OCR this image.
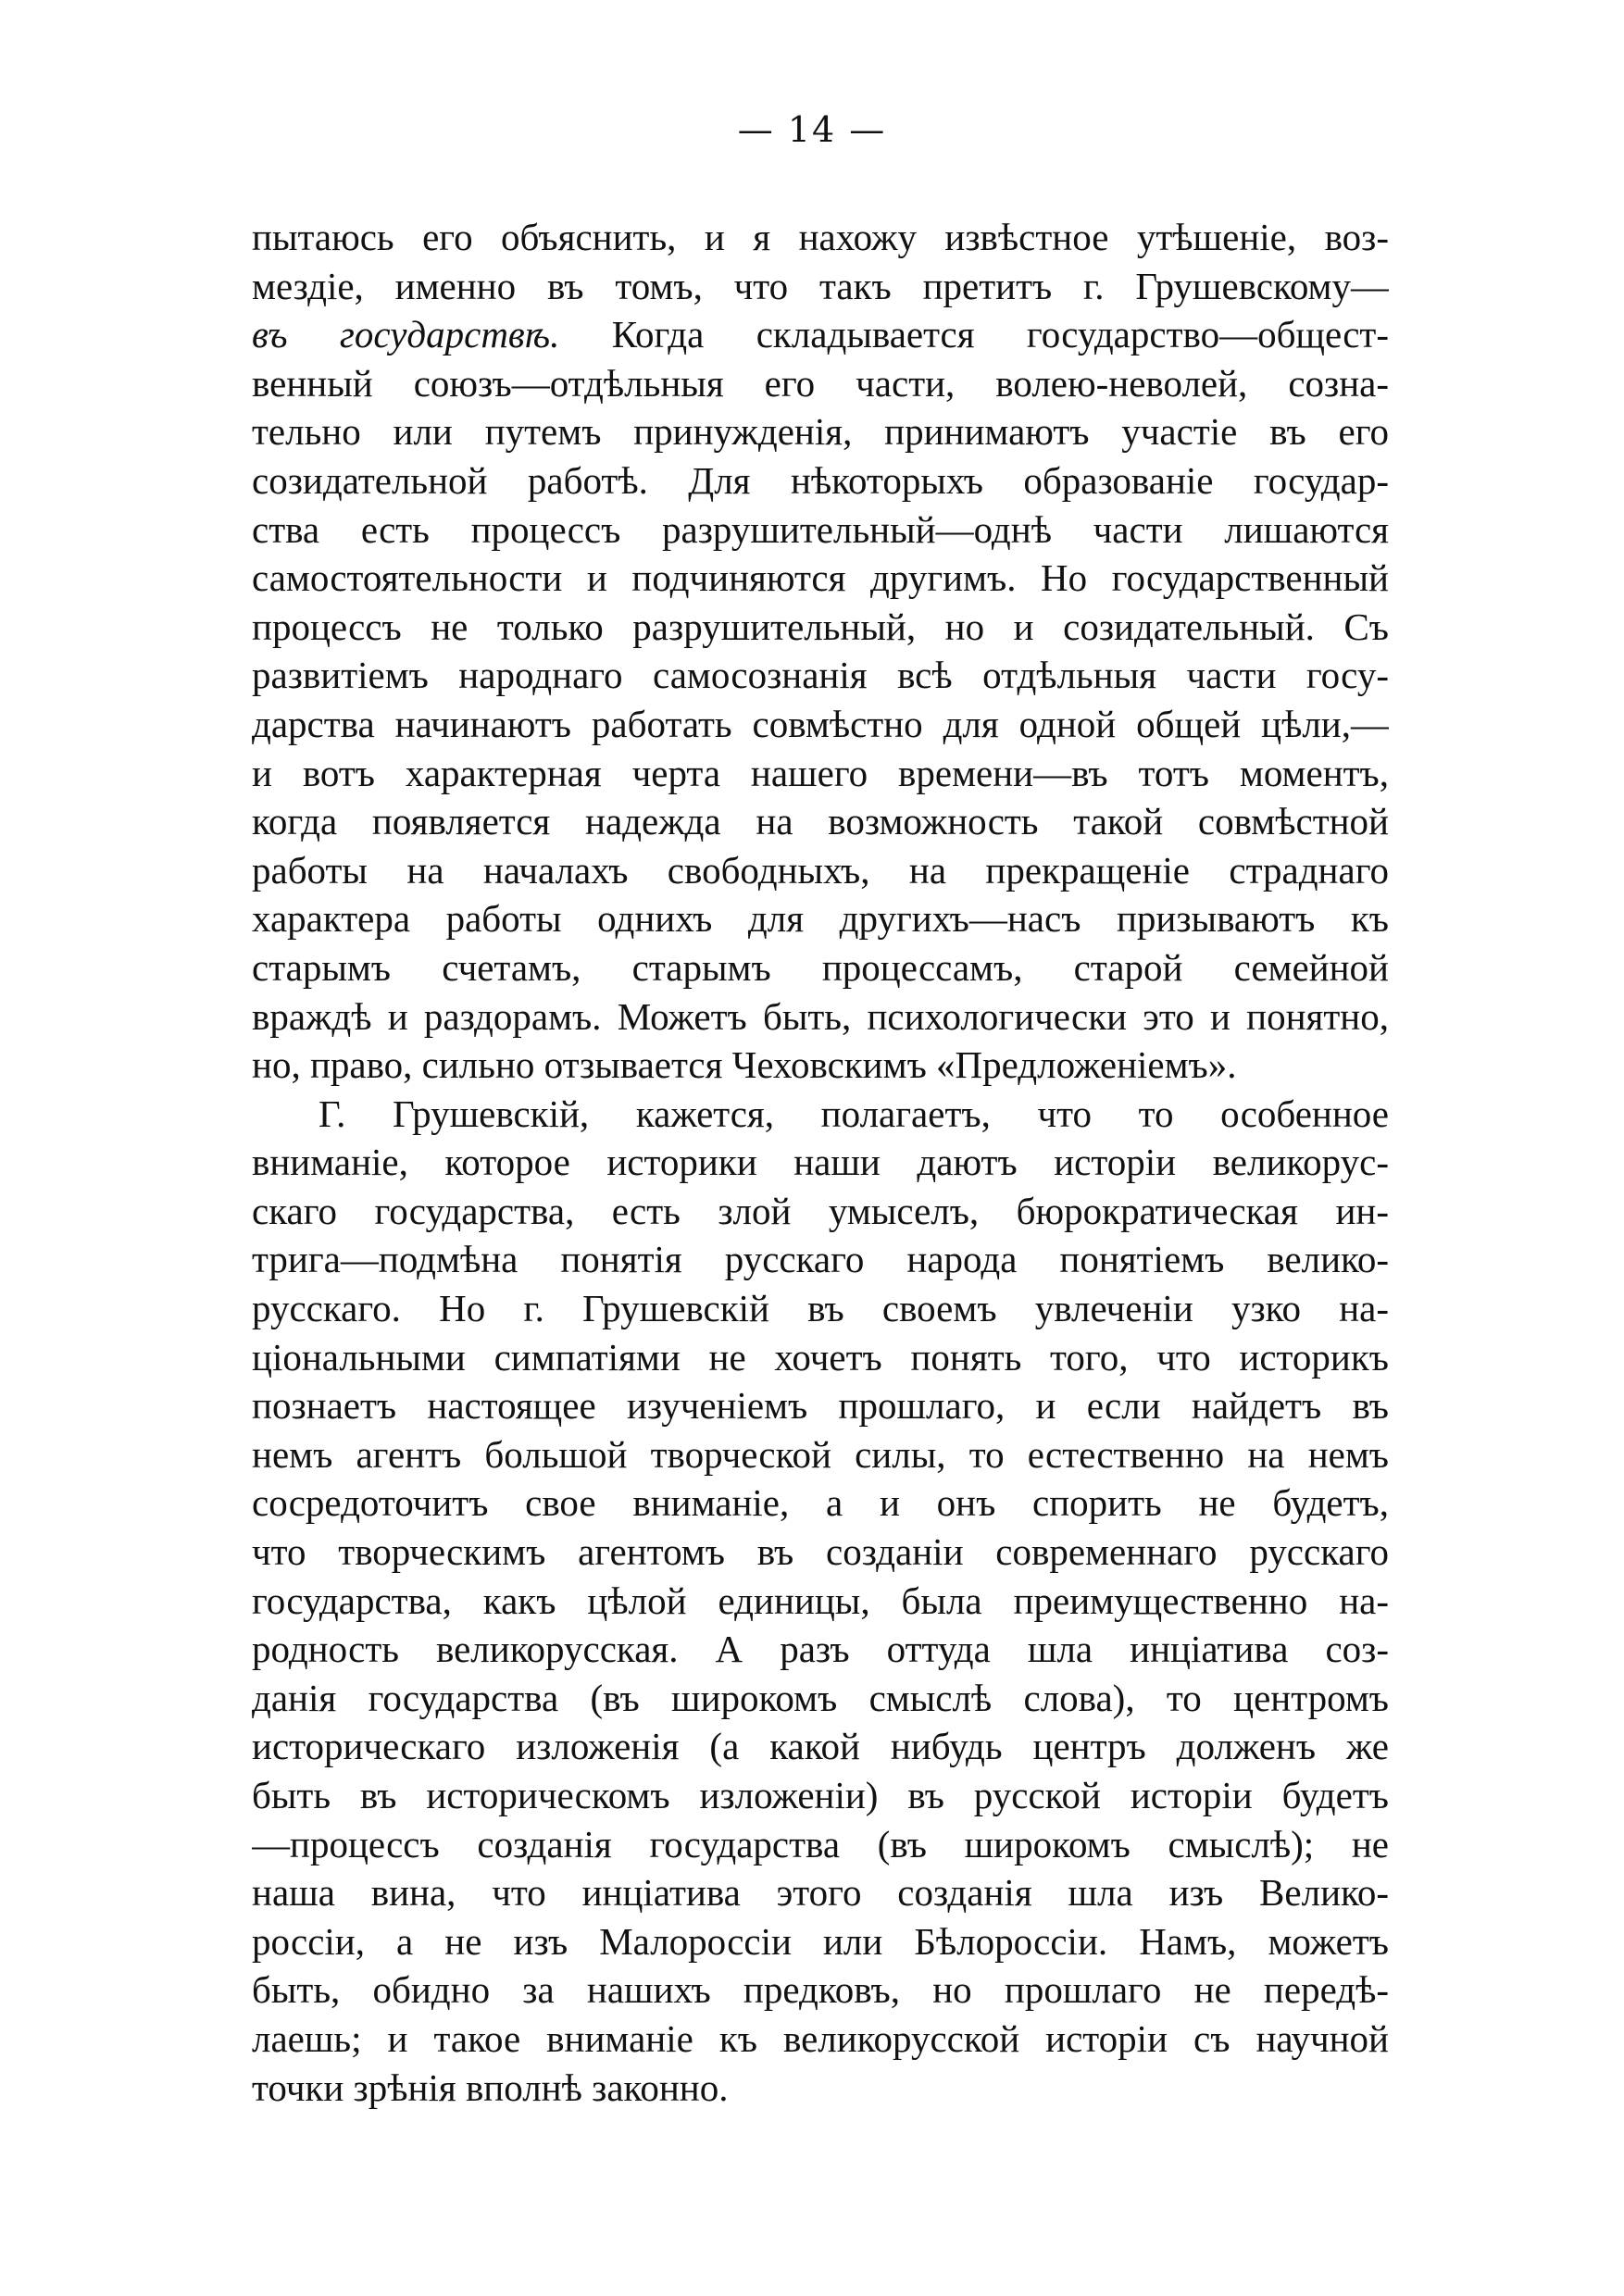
— 14 —
пытаюсь его объяснить, и я нахожу извѣстное утѣшеніе, воз-
мездіе, именно въ томъ, что такъ претитъ г. Грушевскому—
въ государствѣ. Когда складывается государство—общест-
венный союзъ—отдѣльныя его части, волею-неволей, созна-
тельно или путемъ принужденія, принимаютъ участіе въ его
созидательной работѣ. Для нѣкоторыхъ образованіе государ-
ства есть процессъ разрушительный—однѣ части лишаются
самостоятельности и подчиняются другимъ. Но государственный
процессъ не только разрушительный, но и созидательный. Съ
развитіемъ народнаго самосознанія всѣ отдѣльныя части госу-
дарства начинаютъ работать совмѣстно для одной общей цѣли,—
и вотъ характерная черта нашего времени—въ тотъ моментъ,
когда появляется надежда на возможность такой совмѣстной
работы на началахъ свободныхъ, на прекращеніе страднаго
характера работы однихъ для другихъ—насъ призываютъ къ
старымъ счетамъ, старымъ процессамъ, старой семейной
враждѣ и раздорамъ. Можетъ быть, психологически это и понятно,
но, право, сильно отзывается Чеховскимъ «Предложеніемъ».
Г. Грушевскій, кажется, полагаетъ, что то особенное
вниманіе, которое историки наши даютъ исторіи великорус-
скаго государства, есть злой умыселъ, бюрократическая ин-
трига—подмѣна понятія русскаго народа понятіемъ велико-
русскаго. Но г. Грушевскій въ своемъ увлеченіи узко на-
ціональными симпатіями не хочетъ понять того, что историкъ
познаетъ настоящее изученіемъ прошлаго, и если найдетъ въ
немъ агентъ большой творческой силы, то естественно на немъ
сосредоточитъ свое вниманіе, а и онъ спорить не будетъ,
что творческимъ агентомъ въ созданіи современнаго русскаго
государства, какъ цѣлой единицы, была преимущественно на-
родность великорусская. А разъ оттуда шла инціатива соз-
данія государства (въ широкомъ смыслѣ слова), то центромъ
историческаго изложенія (а какой нибудь центръ долженъ же
быть въ историческомъ изложеніи) въ русской исторіи будетъ
—процессъ созданія государства (въ широкомъ смыслѣ); не
наша вина, что инціатива этого созданія шла изъ Велико-
россіи, а не изъ Малороссіи или Бѣлороссіи. Намъ, можетъ
быть, обидно за нашихъ предковъ, но прошлаго не передѣ-
лаешь; и такое вниманіе къ великорусской исторіи съ научной
точки зрѣнія вполнѣ законно.
